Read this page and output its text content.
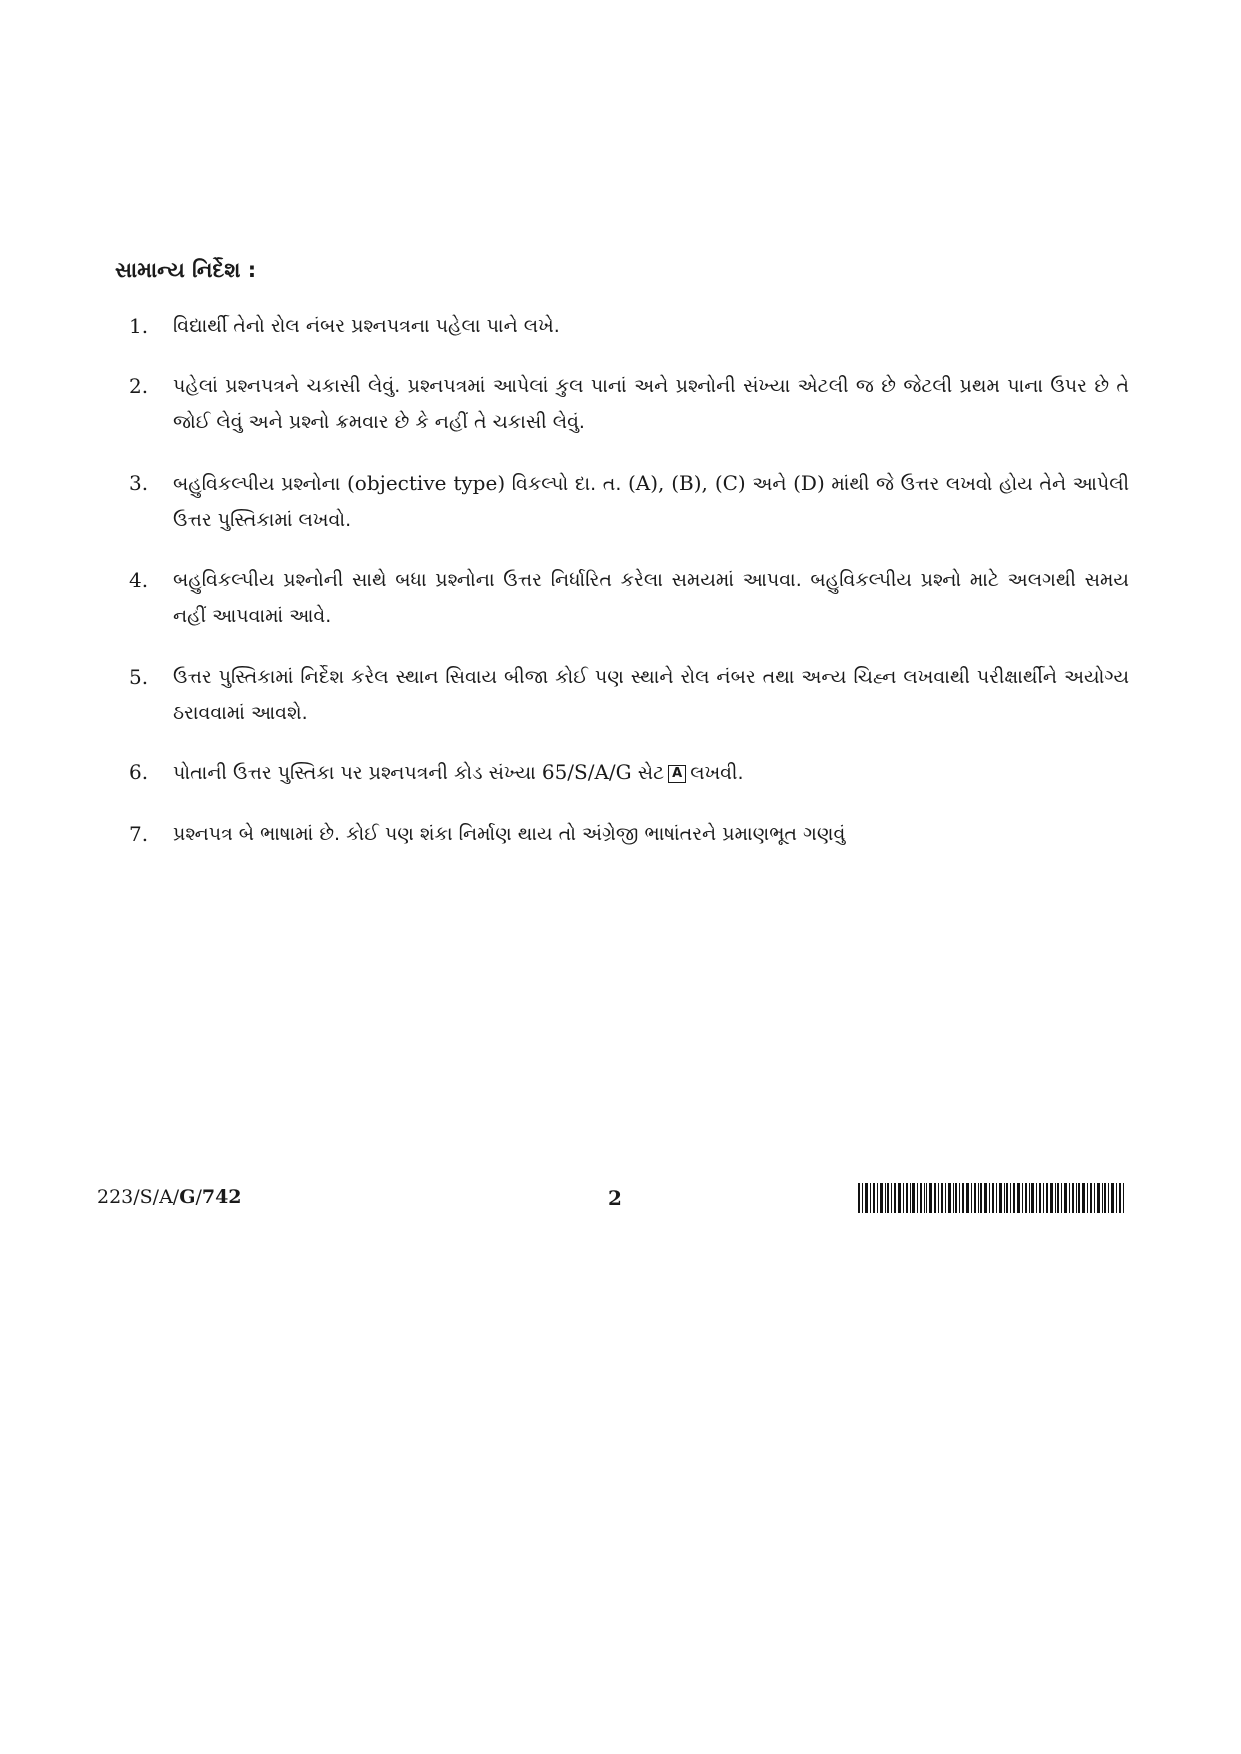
સામાન્ય નિર્દેશ :
1. વિદ્યાર્થી તેનો રોલ નંબર પ્રશ્નપત્રના પહેલા પાને લખે.
2. પહેલાં પ્રશ્નપત્રને ચકાસી લેવું. પ્રશ્નપત્રમાં આપેલાં કુલ પાનાં અને પ્રશ્નોની સંખ્યા એટલી જ છે જેટલી પ્રથમ પાના ઉપર છે તે જોઈ લેવું અને પ્રશ્નો ક્રમવાર છે કે નહીં તે ચકાસી લેવું.
3. બહુવિકલ્પીય પ્રશ્નોના (objective type) વિકલ્પો દા. ત. (A), (B), (C) અને (D) માંથી જે ઉત્તર લખવો હોય તેને આપેલી ઉત્તર પુસ્તિકામાં લખવો.
4. બહુવિકલ્પીય પ્રશ્નોની સાથે બધા પ્રશ્નોના ઉત્તર નિર્ધારિત કરેલા સમયમાં આપવા. બહુવિકલ્પીય પ્રશ્નો માટે અલગથી સમય નહીં આપવામાં આવે.
5. ઉત્તર પુસ્તિકામાં નિર્દેશ કરેલ સ્થાન સિવાય બીજા કોઈ પણ સ્થાને રોલ નંબર તથા અન્ય ચિહ્ન લખવાથી પરીક્ષાર્થીને અયોગ્ય ઠરાવવામાં આવશે.
6. પોતાની ઉત્તર પુસ્તિકા પર પ્રશ્નપત્રની કોડ સંખ્યા 65/S/A/G સેટ A લખવી.
7. પ્રશ્નપત્ર બે ભાષામાં છે. કોઈ પણ શંકા નિર્માણ થાય તો અંગ્રેજી ભાષાંતરને પ્રમાણભૂત ગણવું
223/S/A/G/742	2
